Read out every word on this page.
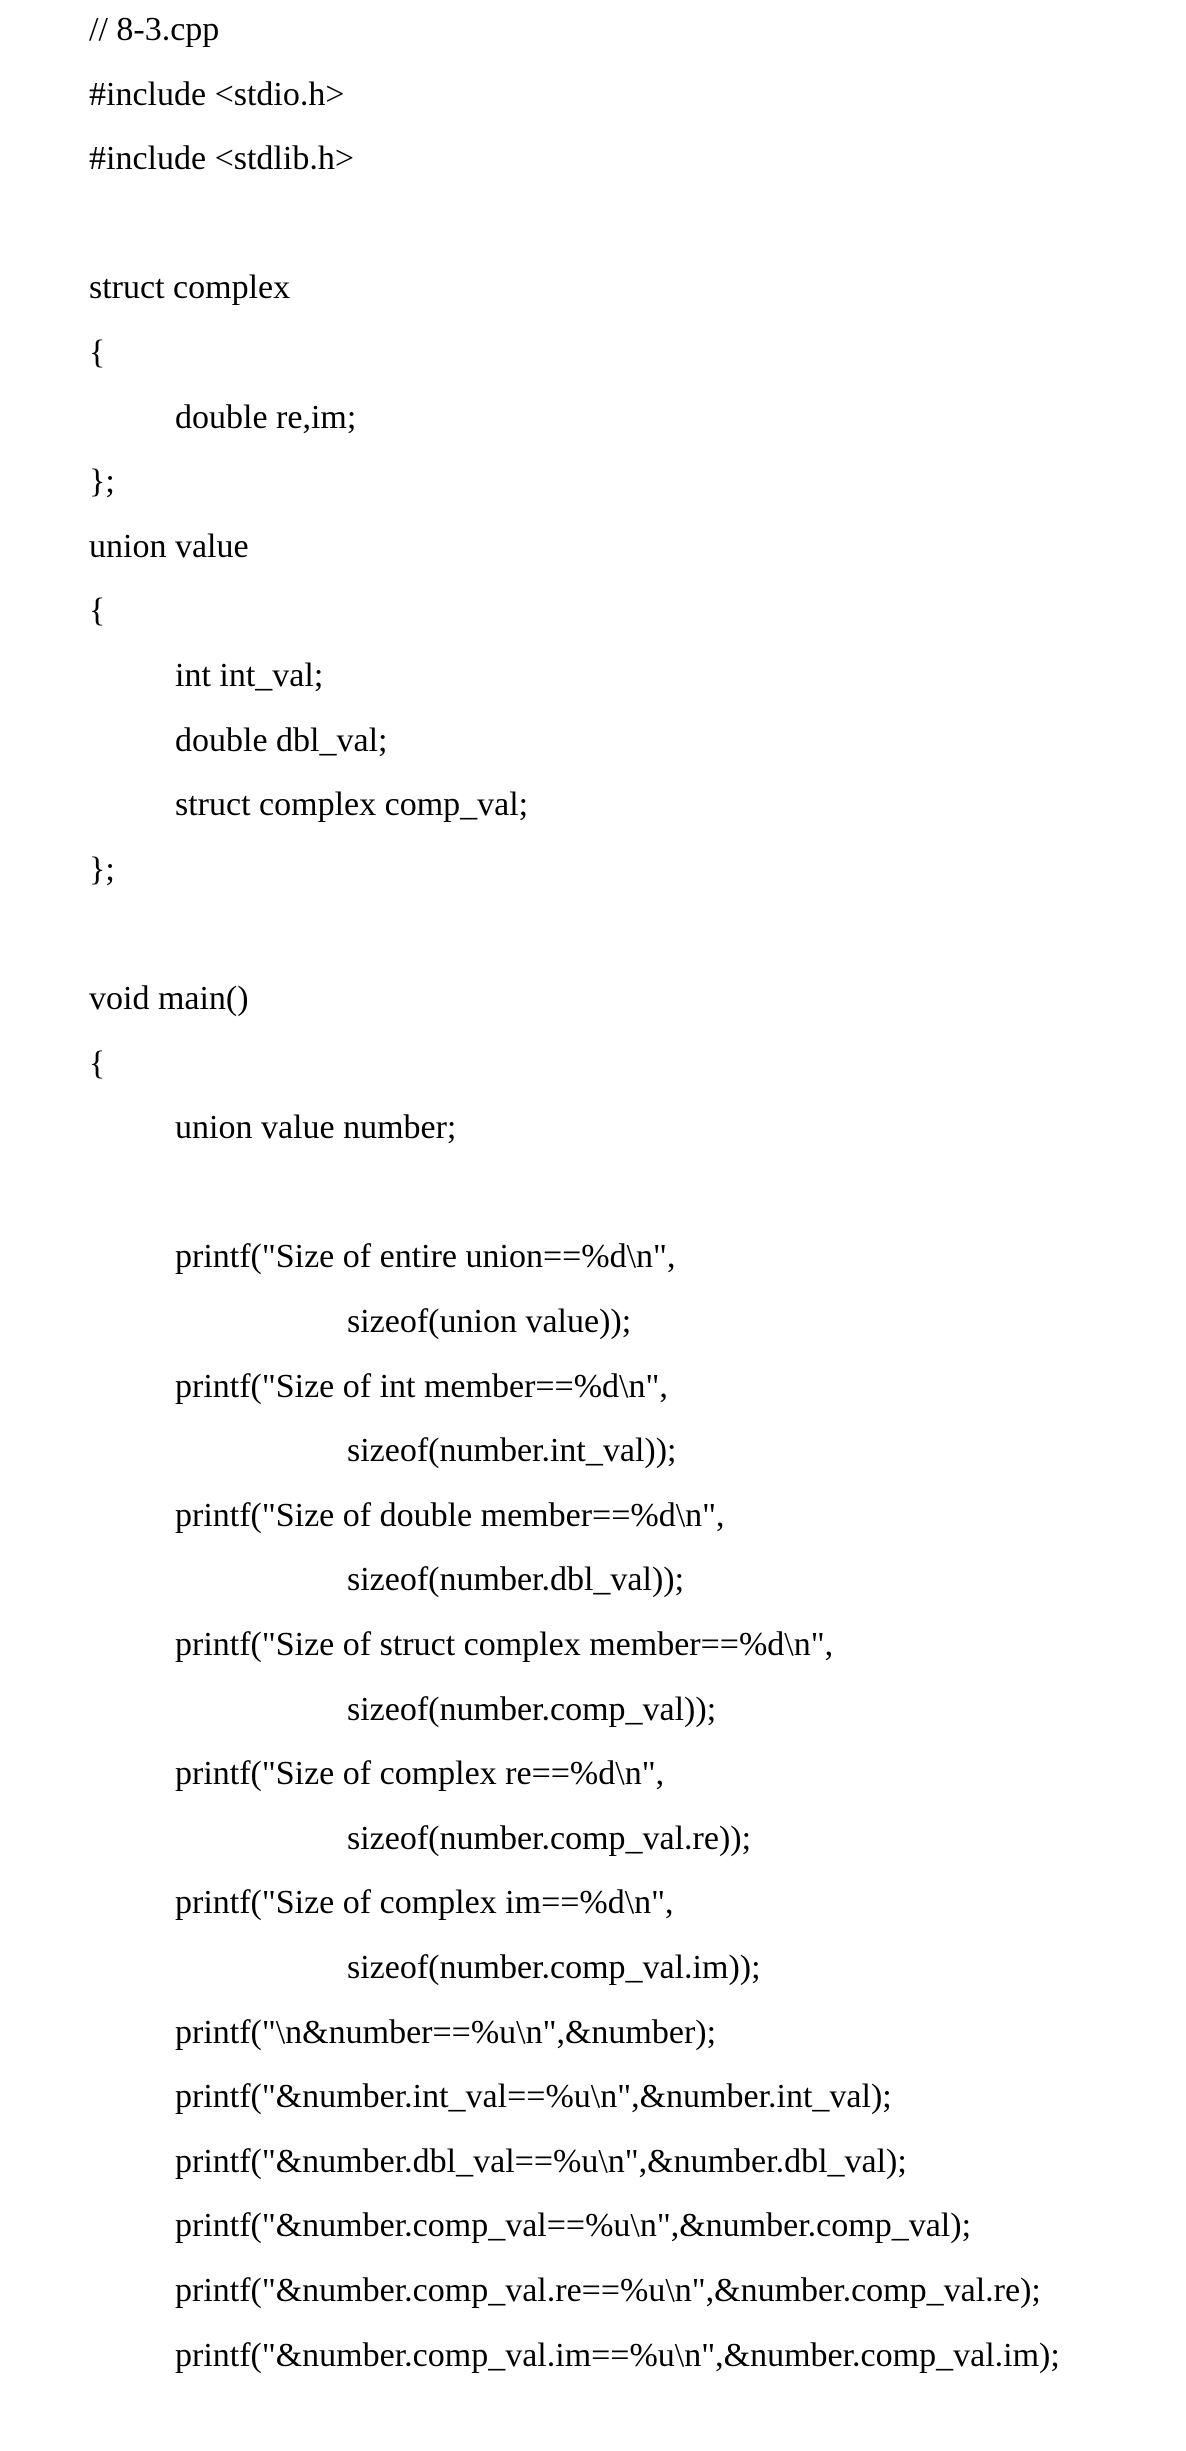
// 8-3.cpp
#include <stdio.h>
#include <stdlib.h>
struct complex
{
double re,im;
};
union value
{
int int_val;
double dbl_val;
struct complex comp_val;
};
void main()
{
union value number;
printf("Size of entire union==%d\n",
sizeof(union value));
printf("Size of int member==%d\n",
sizeof(number.int_val));
printf("Size of double member==%d\n",
sizeof(number.dbl_val));
printf("Size of struct complex member==%d\n",
sizeof(number.comp_val));
printf("Size of complex re==%d\n",
sizeof(number.comp_val.re));
printf("Size of complex im==%d\n",
sizeof(number.comp_val.im));
printf("\n&number==%u\n",&number);
printf("&number.int_val==%u\n",&number.int_val);
printf("&number.dbl_val==%u\n",&number.dbl_val);
printf("&number.comp_val==%u\n",&number.comp_val);
printf("&number.comp_val.re==%u\n",&number.comp_val.re);
printf("&number.comp_val.im==%u\n",&number.comp_val.im);
